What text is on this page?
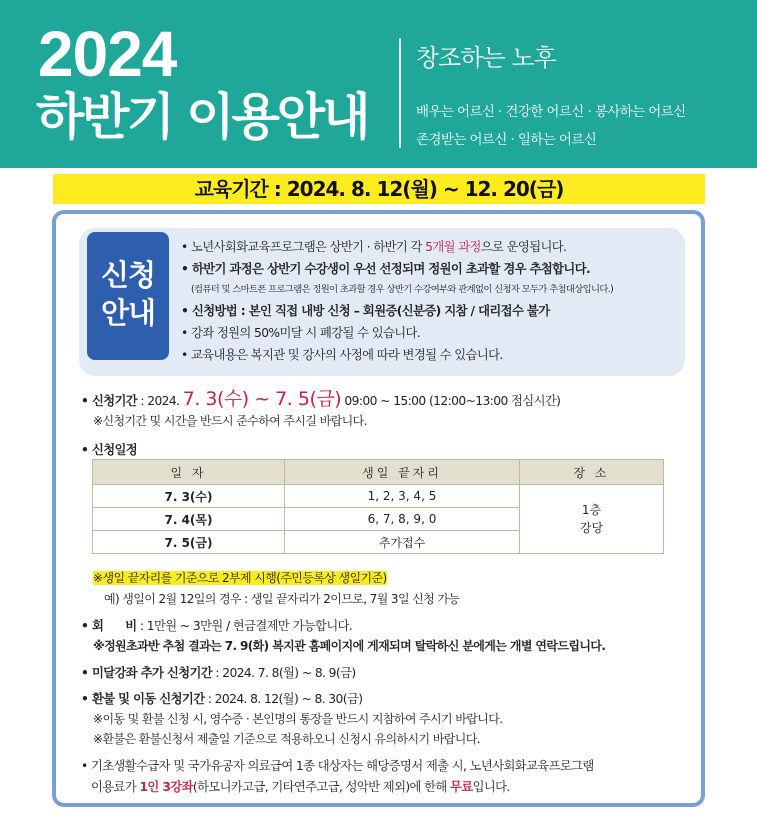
2024
하반기 이용안내
창조하는 노후
배우는 어르신 · 건강한 어르신 · 봉사하는 어르신
존경받는 어르신 · 일하는 어르신
교육기간 : 2024. 8. 12(월) ~ 12. 20(금)
신청
안내
• 노년사회화교육프로그램은 상반기 · 하반기 각 5개월 과정으로 운영됩니다.
• 하반기 과정은 상반기 수강생이 우선 선정되며 정원이 초과할 경우 추첨합니다.
(컴퓨터 및 스마트폰 프로그램은 정원이 초과할 경우 상반기 수강여부와 관계없이 신청자 모두가 추첨대상입니다.)
• 신청방법 : 본인 직접 내방 신청 – 회원증(신분증) 지참 / 대리접수 불가
• 강좌 정원의 50%미달 시 폐강될 수 있습니다.
• 교육내용은 복지관 및 강사의 사정에 따라 변경될 수 있습니다.
• 신청기간 : 2024. 7. 3(수) ~ 7. 5(금) 09:00 ~ 15:00 (12:00~13:00 점심시간)
※신청기간 및 시간을 반드시 준수하여 주시길 바랍니다.
• 신청일정
일 자	생일 끝자리	장 소
7. 3(수)	1, 2, 3, 4, 5	1층
강당

7. 4(목)	6, 7, 8, 9, 0	
7. 5(금)	추가접수	
※생일 끝자리를 기준으로 2부제 시행(주민등록상 생일기준)
예) 생일이 2월 12일의 경우 : 생일 끝자리가 2이므로, 7월 3일 신청 가능
• 회      비 : 1만원 ~ 3만원 / 현금결제만 가능합니다.
※정원초과반 추첨 결과는 7. 9(화) 복지관 홈페이지에 게재되며 탈락하신 분에게는 개별 연락드립니다.
• 미달강좌 추가 신청기간 : 2024. 7. 8(월) ~ 8. 9(금)
• 환불 및 이동 신청기간 : 2024. 8. 12(월) ~ 8. 30(금)
※이동 및 환불 신청 시, 영수증 · 본인명의 통장을 반드시 지참하여 주시기 바랍니다.
※환불은 환불신청서 제출일 기준으로 적용하오니 신청시 유의하시기 바랍니다.
• 기초생활수급자 및 국가유공자 의료급여 1종 대상자는 해당증명서 제출 시, 노년사회화교육프로그램
이용료가 1인 3강좌(하모니카고급, 기타연주고급, 성악반 제외)에 한해 무료입니다.
